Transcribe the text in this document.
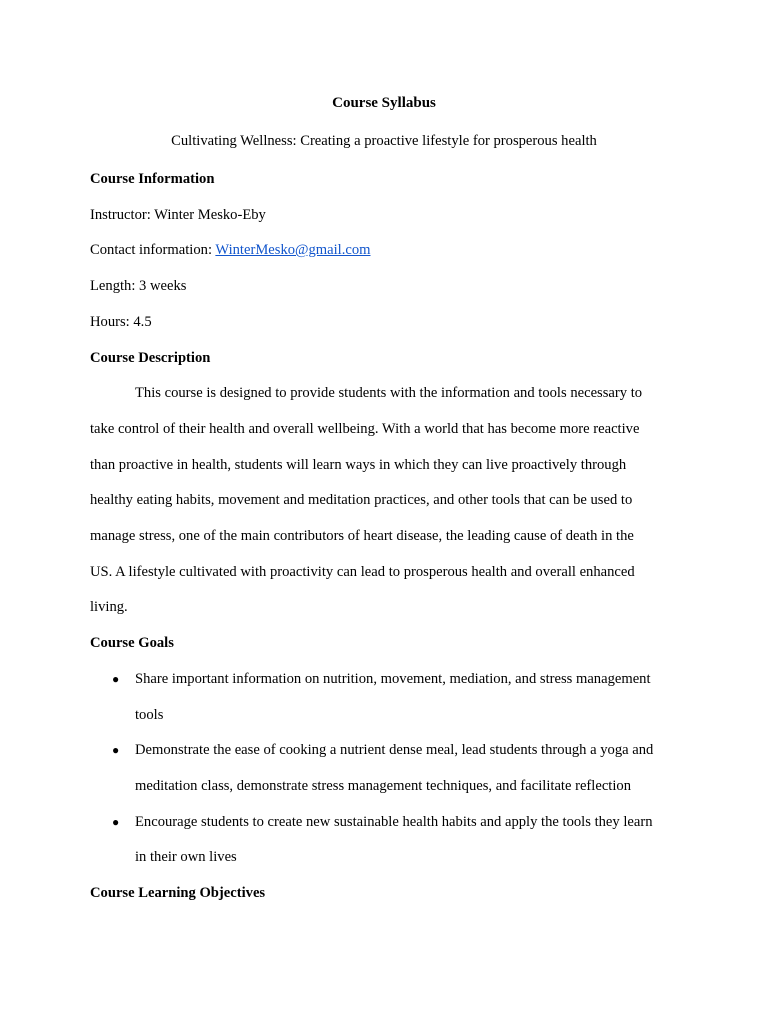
Course Syllabus
Cultivating Wellness: Creating a proactive lifestyle for prosperous health
Course Information
Instructor: Winter Mesko-Eby
Contact information: WinterMesko@gmail.com
Length: 3 weeks
Hours: 4.5
Course Description
This course is designed to provide students with the information and tools necessary to
take control of their health and overall wellbeing. With a world that has become more reactive
than proactive in health, students will learn ways in which they can live proactively through
healthy eating habits, movement and meditation practices, and other tools that can be used to
manage stress, one of the main contributors of heart disease, the leading cause of death in the
US. A lifestyle cultivated with proactivity can lead to prosperous health and overall enhanced
living.
Course Goals
●	Share important information on nutrition, movement, mediation, and stress management
tools
●	Demonstrate the ease of cooking a nutrient dense meal, lead students through a yoga and
meditation class, demonstrate stress management techniques, and facilitate reflection
●	Encourage students to create new sustainable health habits and apply the tools they learn
in their own lives
Course Learning Objectives
